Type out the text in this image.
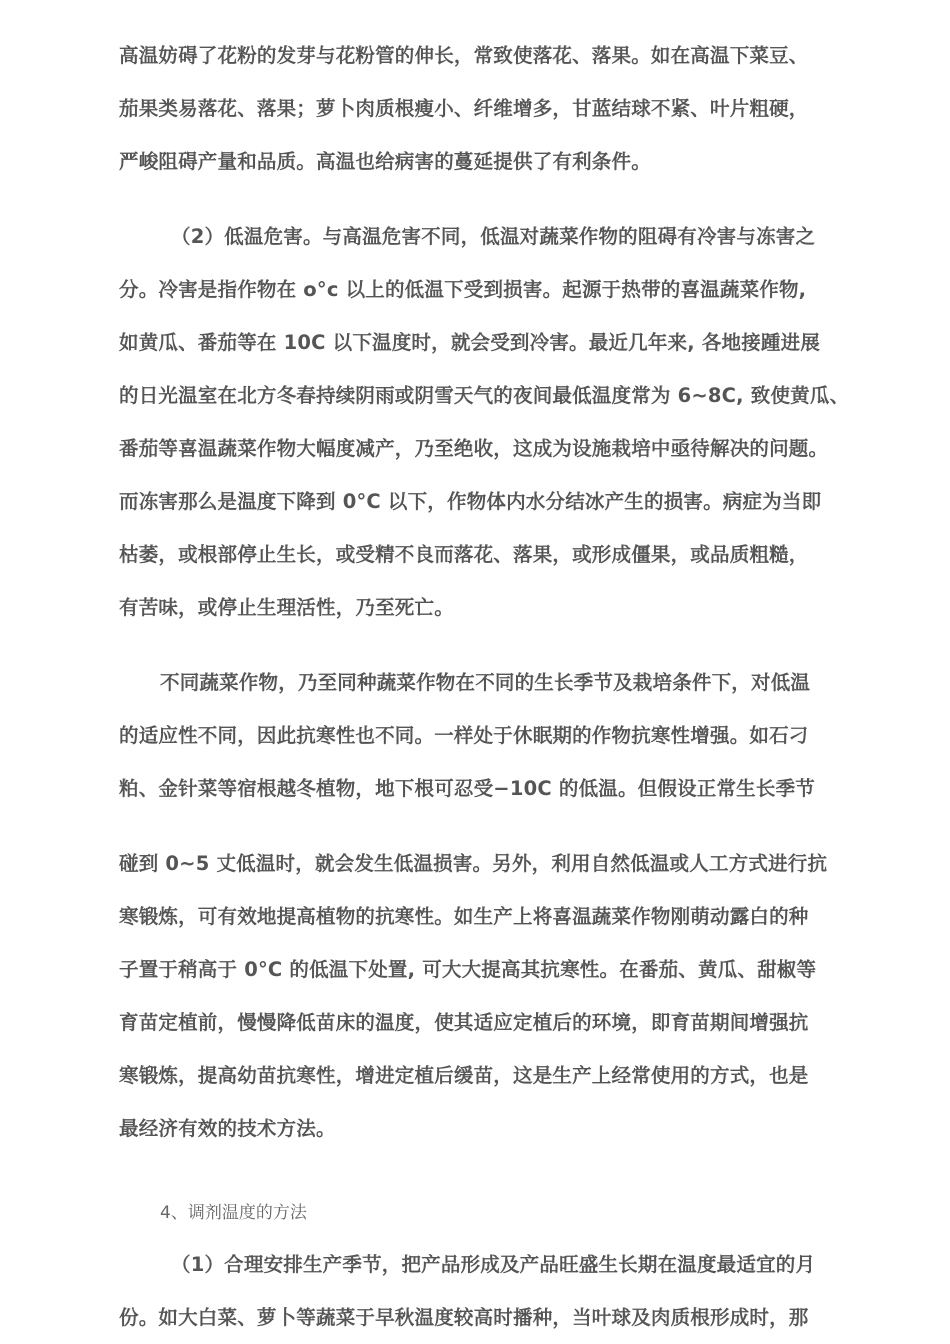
高温妨碍了花粉的发芽与花粉管的伸长，常致使落花、落果。如在高温下菜豆、
茄果类易落花、落果；萝卜肉质根瘦小、纤维增多，甘蓝结球不紧、叶片粗硬，
严峻阻碍产量和品质。高温也给病害的蔓延提供了有利条件。
（2）低温危害。与高温危害不同，低温对蔬菜作物的阻碍有冷害与冻害之
分。冷害是指作物在 o°c 以上的低温下受到损害。起源于热带的喜温蔬菜作物,
如黄瓜、番茄等在 10C 以下温度时，就会受到冷害。最近几年来, 各地接踵进展
的日光温室在北方冬春持续阴雨或阴雪天气的夜间最低温度常为 6~8C, 致使黄瓜、
番茄等喜温蔬菜作物大幅度减产，乃至绝收，这成为设施栽培中亟待解决的问题。
而冻害那么是温度下降到 0°C 以下，作物体内水分结冰产生的损害。病症为当即
枯萎，或根部停止生长，或受精不良而落花、落果，或形成僵果，或品质粗糙，
有苦味，或停止生理活性，乃至死亡。
不同蔬菜作物，乃至同种蔬菜作物在不同的生长季节及栽培条件下，对低温
的适应性不同，因此抗寒性也不同。一样处于休眠期的作物抗寒性增强。如石刁
粕、金针菜等宿根越冬植物，地下根可忍受−10C 的低温。但假设正常生长季节
碰到 0~5 丈低温时，就会发生低温损害。另外，利用自然低温或人工方式进行抗
寒锻炼，可有效地提高植物的抗寒性。如生产上将喜温蔬菜作物刚萌动露白的种
子置于稍高于 0°C 的低温下处置, 可大大提高其抗寒性。在番茄、黄瓜、甜椒等
育苗定植前，慢慢降低苗床的温度，使其适应定植后的环境，即育苗期间增强抗
寒锻炼，提高幼苗抗寒性，增进定植后缓苗，这是生产上经常使用的方式，也是
最经济有效的技术方法。
4、调剂温度的方法
（1）合理安排生产季节，把产品形成及产品旺盛生长期在温度最适宜的月
份。如大白菜、萝卜等蔬菜于早秋温度较高时播种，当叶球及肉质根形成时，那
